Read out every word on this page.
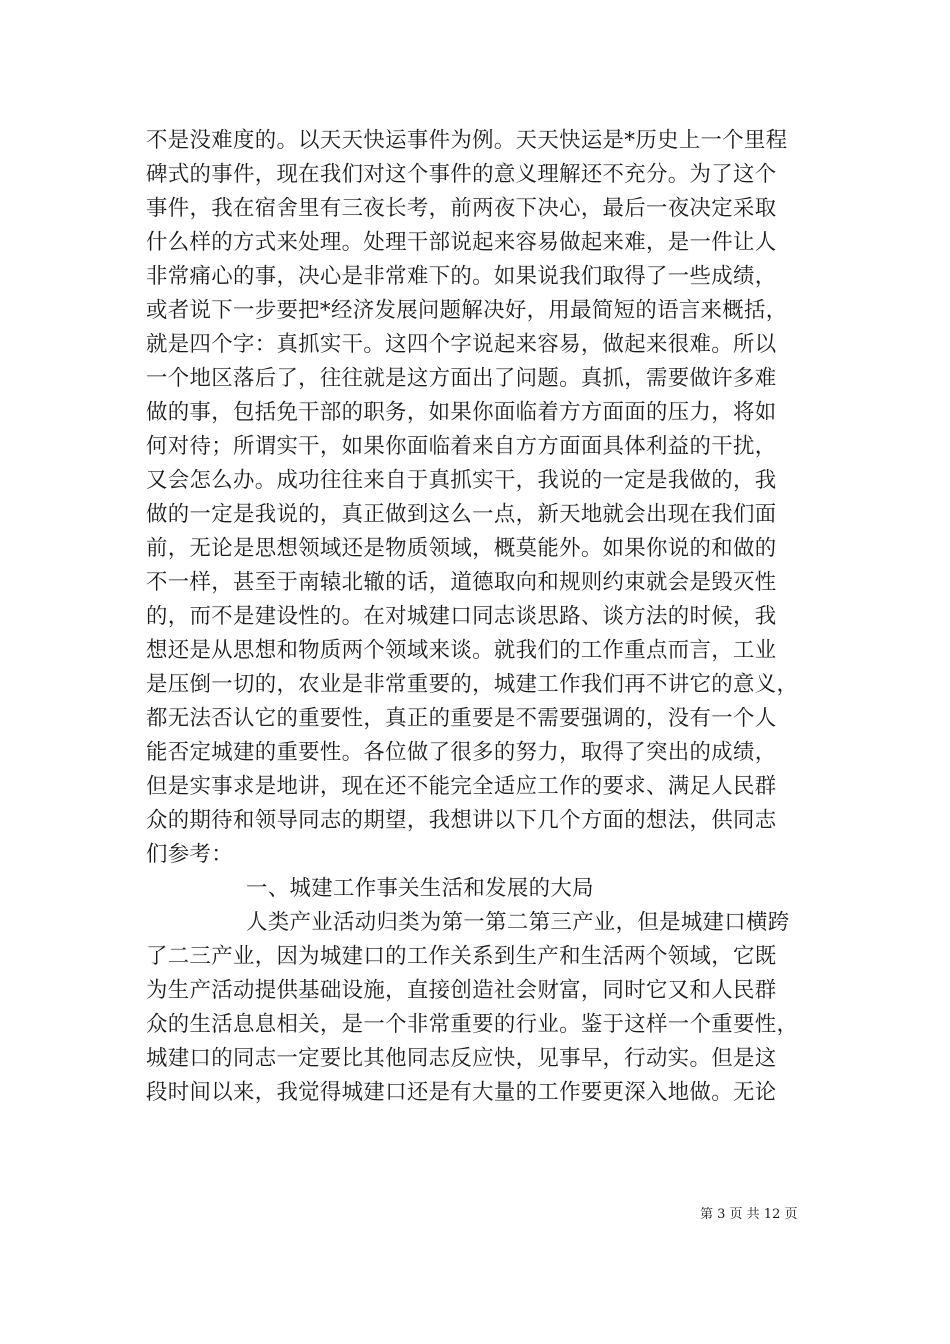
不是没难度的。以天天快运事件为例。天天快运是*历史上一个里程
碑式的事件，现在我们对这个事件的意义理解还不充分。为了这个
事件，我在宿舍里有三夜长考，前两夜下决心，最后一夜决定采取
什么样的方式来处理。处理干部说起来容易做起来难，是一件让人
非常痛心的事，决心是非常难下的。如果说我们取得了一些成绩，
或者说下一步要把*经济发展问题解决好，用最简短的语言来概括，
就是四个字：真抓实干。这四个字说起来容易，做起来很难。所以
一个地区落后了，往往就是这方面出了问题。真抓，需要做许多难
做的事，包括免干部的职务，如果你面临着方方面面的压力，将如
何对待；所谓实干，如果你面临着来自方方面面具体利益的干扰，
又会怎么办。成功往往来自于真抓实干，我说的一定是我做的，我
做的一定是我说的，真正做到这么一点，新天地就会出现在我们面
前，无论是思想领域还是物质领域，概莫能外。如果你说的和做的
不一样，甚至于南辕北辙的话，道德取向和规则约束就会是毁灭性
的，而不是建设性的。在对城建口同志谈思路、谈方法的时候，我
想还是从思想和物质两个领域来谈。就我们的工作重点而言，工业
是压倒一切的，农业是非常重要的，城建工作我们再不讲它的意义，
都无法否认它的重要性，真正的重要是不需要强调的，没有一个人
能否定城建的重要性。各位做了很多的努力，取得了突出的成绩，
但是实事求是地讲，现在还不能完全适应工作的要求、满足人民群
众的期待和领导同志的期望，我想讲以下几个方面的想法，供同志
们参考：
一、城建工作事关生活和发展的大局
人类产业活动归类为第一第二第三产业，但是城建口横跨
了二三产业，因为城建口的工作关系到生产和生活两个领域，它既
为生产活动提供基础设施，直接创造社会财富，同时它又和人民群
众的生活息息相关，是一个非常重要的行业。鉴于这样一个重要性，
城建口的同志一定要比其他同志反应快，见事早，行动实。但是这
段时间以来，我觉得城建口还是有大量的工作要更深入地做。无论
第 3 页 共 12 页
